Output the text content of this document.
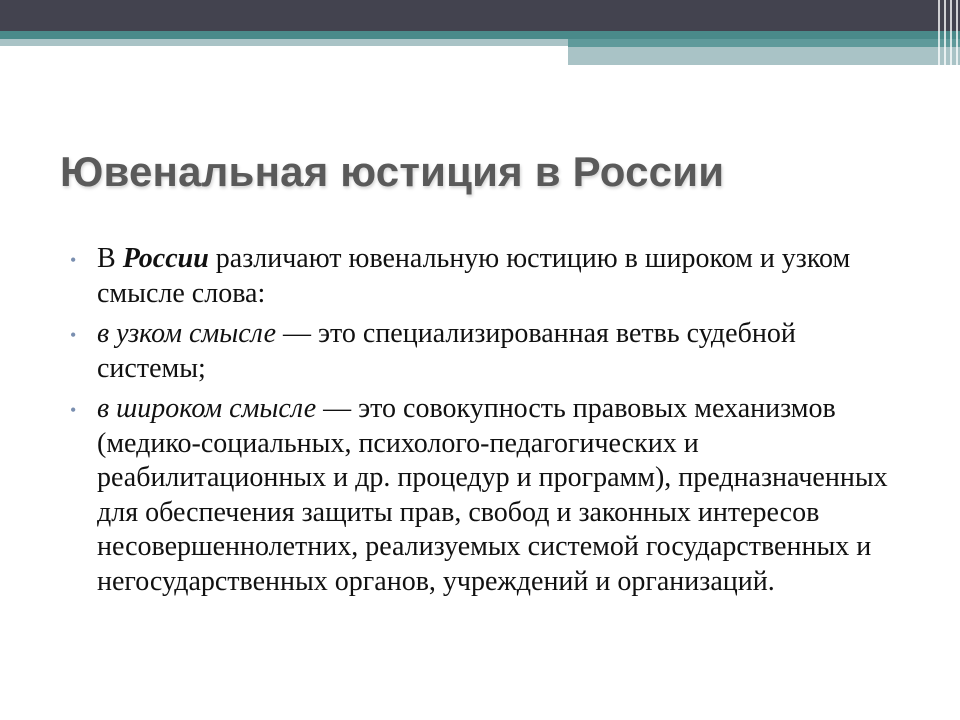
Ювенальная юстиция в России
• В России различают ювенальную юстицию в широком и узком смысле слова:
• в узком смысле — это специализированная ветвь судебной системы;
• в широком смысле — это совокупность правовых механизмов (медико-социальных, психолого-педагогических и реабилитационных и др. процедур и программ), предназначенных для обеспечения защиты прав, свобод и законных интересов несовершеннолетних, реализуемых системой государственных и негосударственных органов, учреждений и организаций.
